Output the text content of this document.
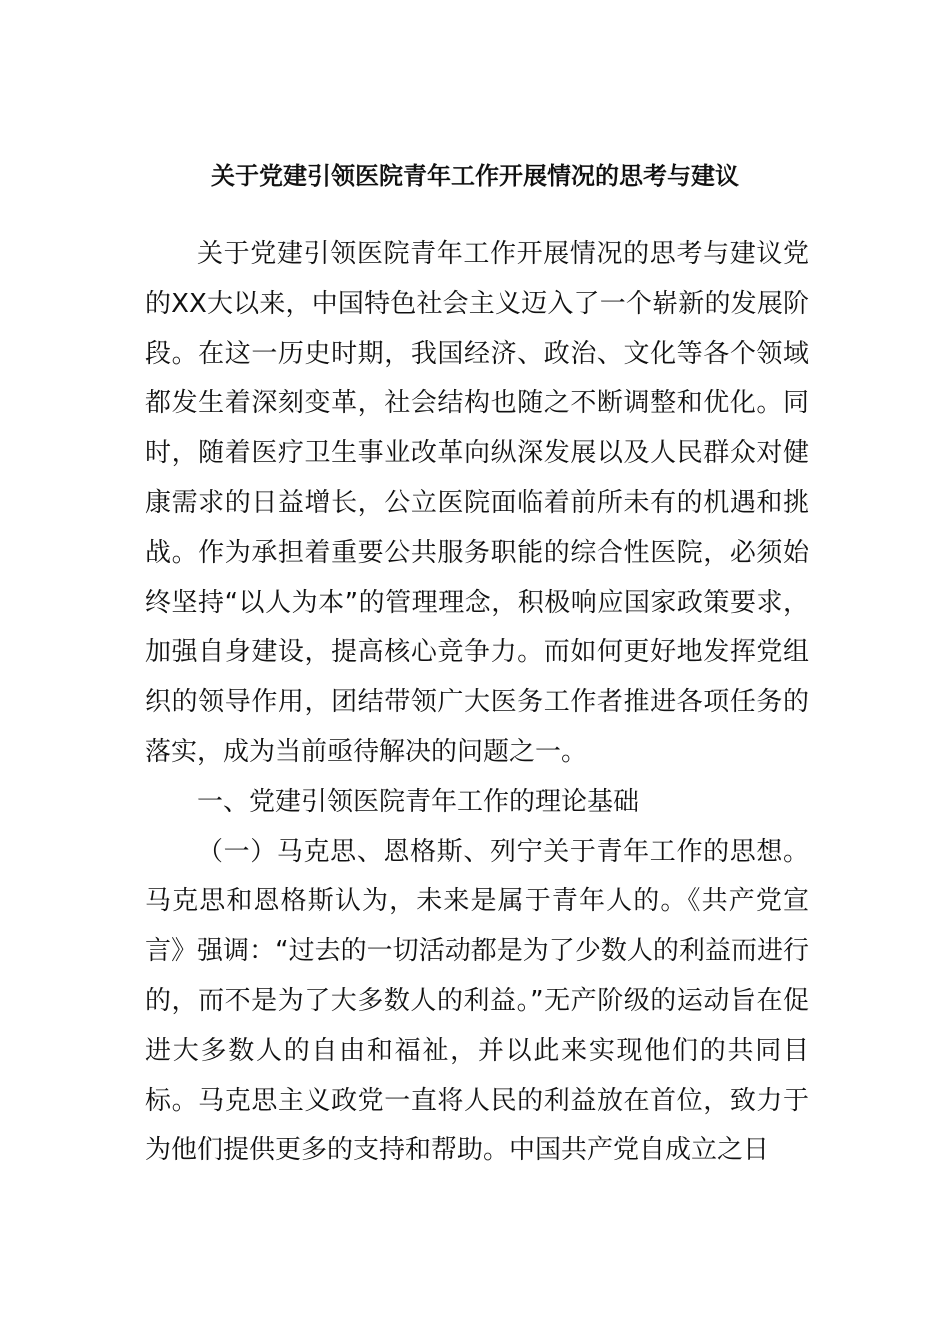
关于党建引领医院青年工作开展情况的思考与建议

关于党建引领医院青年工作开展情况的思考与建议党的XX大以来，中国特色社会主义迈入了一个崭新的发展阶段。在这一历史时期，我国经济、政治、文化等各个领域都发生着深刻变革，社会结构也随之不断调整和优化。同时，随着医疗卫生事业改革向纵深发展以及人民群众对健康需求的日益增长，公立医院面临着前所未有的机遇和挑战。作为承担着重要公共服务职能的综合性医院，必须始终坚持“以人为本”的管理理念，积极响应国家政策要求，加强自身建设，提高核心竞争力。而如何更好地发挥党组织的领导作用，团结带领广大医务工作者推进各项任务的落实，成为当前亟待解决的问题之一。

一、党建引领医院青年工作的理论基础

（一）马克思、恩格斯、列宁关于青年工作的思想。马克思和恩格斯认为，未来是属于青年人的。《共产党宣言》强调：“过去的一切活动都是为了少数人的利益而进行的，而不是为了大多数人的利益。”无产阶级的运动旨在促进大多数人的自由和福祉，并以此来实现他们的共同目标。马克思主义政党一直将人民的利益放在首位，致力于为他们提供更多的支持和帮助。中国共产党自成立之日
